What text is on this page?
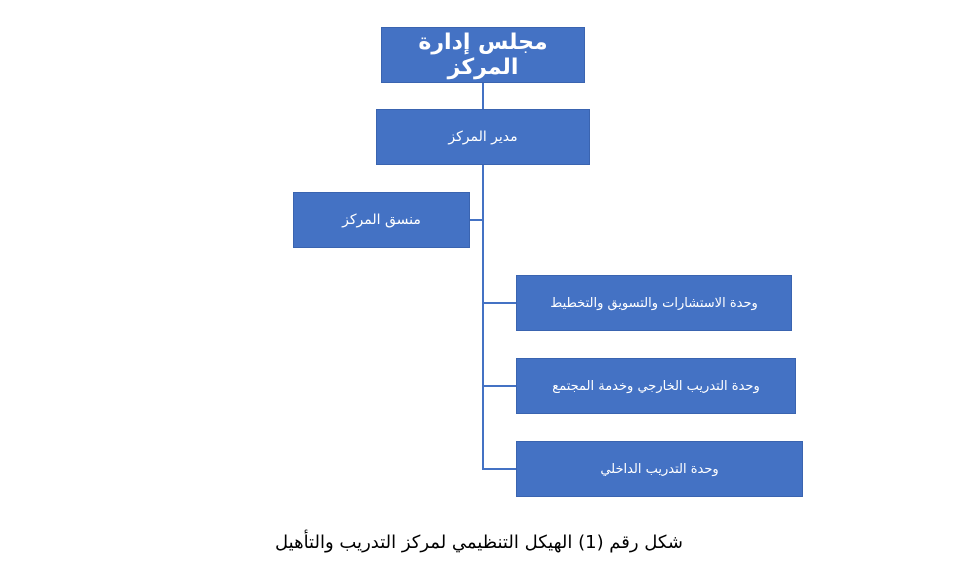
مجلس إدارة المركز
مدير المركز
منسق المركز
وحدة الاستشارات والتسويق والتخطيط
وحدة التدريب الخارجي وخدمة المجتمع
وحدة التدريب الداخلي
شكل رقم (1) الهيكل التنظيمي لمركز التدريب والتأهيل
